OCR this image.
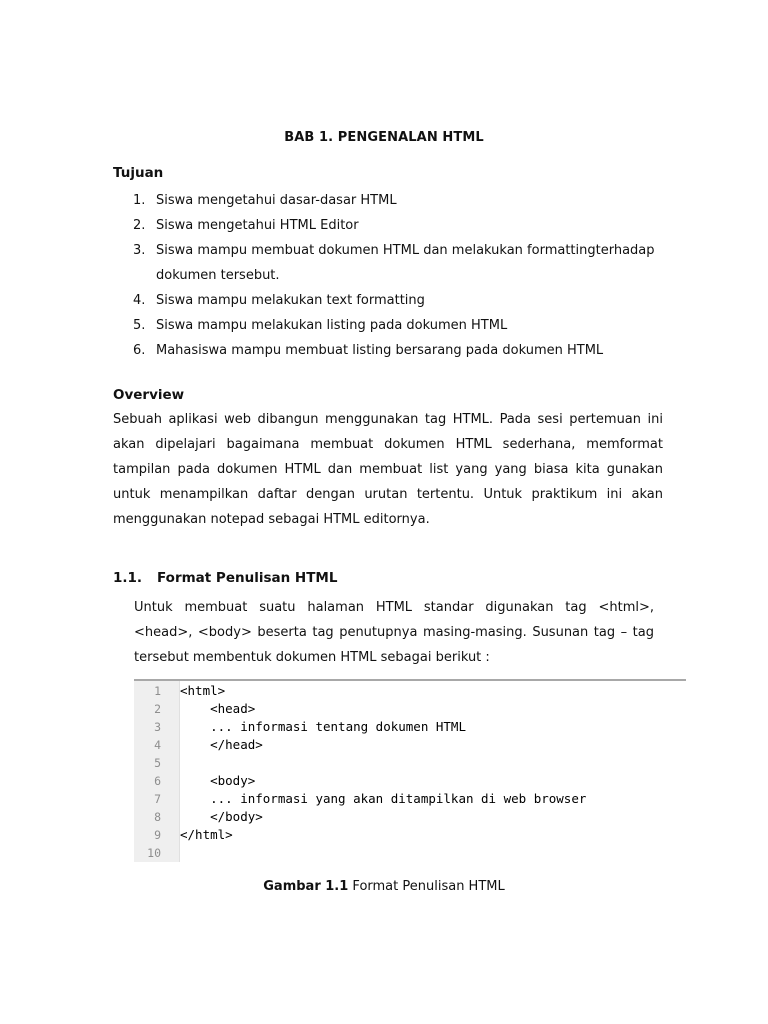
BAB 1. PENGENALAN HTML
Tujuan
1. Siswa mengetahui dasar-dasar HTML
2. Siswa mengetahui HTML Editor
3. Siswa mampu membuat dokumen HTML dan melakukan formattingterhadap dokumen tersebut.
4. Siswa mampu melakukan text formatting
5. Siswa mampu melakukan listing pada dokumen HTML
6. Mahasiswa mampu membuat listing bersarang pada dokumen HTML
Overview
Sebuah aplikasi web dibangun menggunakan tag HTML. Pada sesi pertemuan ini akan dipelajari bagaimana membuat dokumen HTML sederhana, memformat tampilan pada dokumen HTML dan membuat list yang yang biasa kita gunakan untuk menampilkan daftar dengan urutan tertentu. Untuk praktikum ini akan menggunakan notepad sebagai HTML editornya.
1.1. Format Penulisan HTML
Untuk membuat suatu halaman HTML standar digunakan tag <html>, <head>, <body> beserta tag penutupnya masing-masing. Susunan tag – tag tersebut membentuk dokumen HTML sebagai berikut :
1 <html>
2 <head>
3 ... informasi tentang dokumen HTML
4 </head>
5
6 <body>
7 ... informasi yang akan ditampilkan di web browser
8 </body>
9 </html>
10
Gambar 1.1 Format Penulisan HTML
